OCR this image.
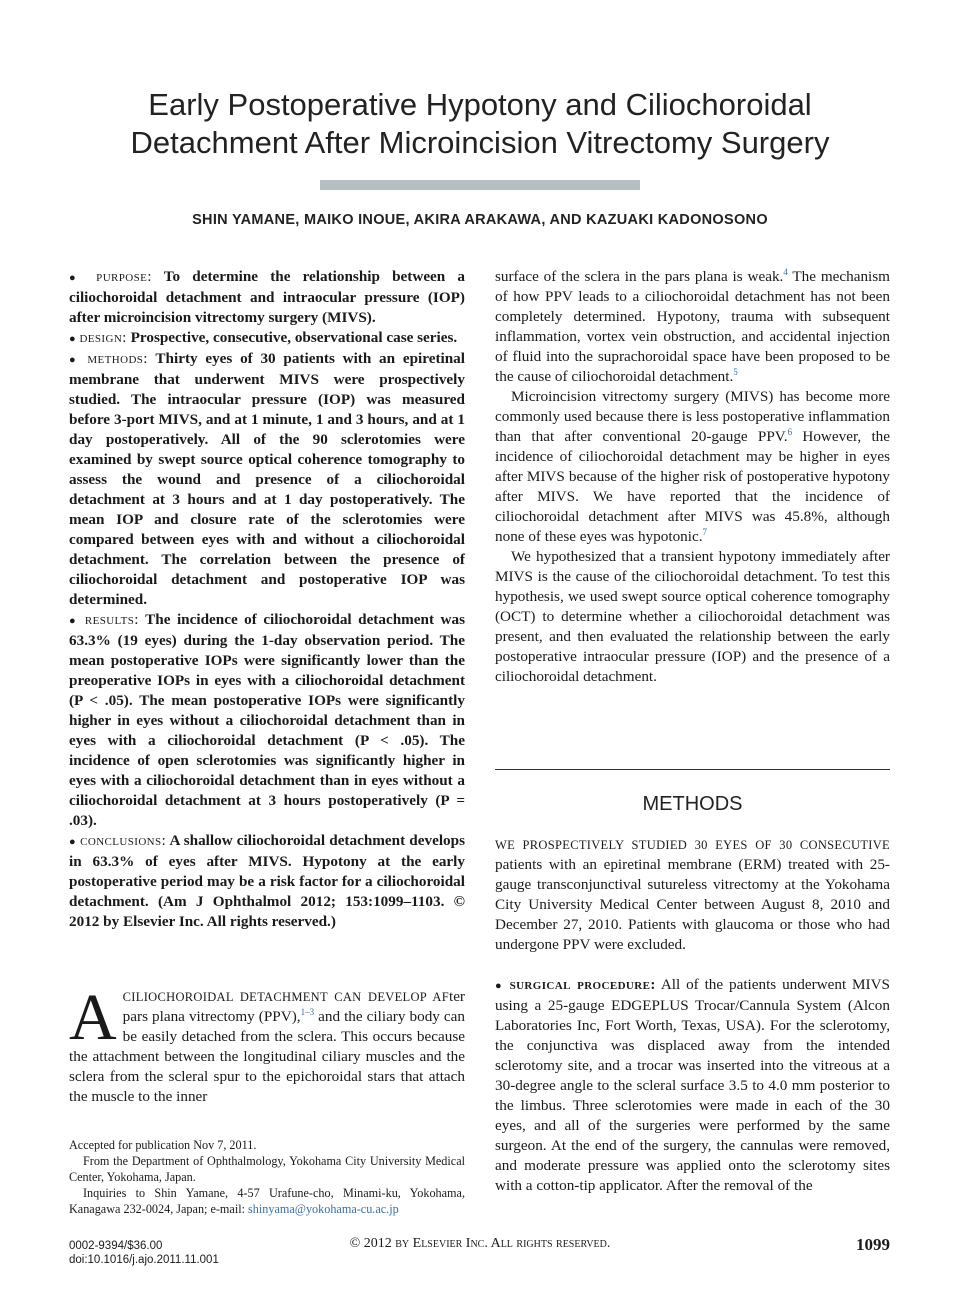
Early Postoperative Hypotony and Ciliochoroidal
Detachment After Microincision Vitrectomy Surgery
SHIN YAMANE, MAIKO INOUE, AKIRA ARAKAWA, AND KAZUAKI KADONOSONO

● purpose: To determine the relationship between a ciliochoroidal detachment and intraocular pressure (IOP) after microincision vitrectomy surgery (MIVS).

● design: Prospective, consecutive, observational case series.

● methods: Thirty eyes of 30 patients with an epiretinal membrane that underwent MIVS were prospectively studied. The intraocular pressure (IOP) was measured before 3-port MIVS, and at 1 minute, 1 and 3 hours, and at 1 day postoperatively. All of the 90 sclerotomies were examined by swept source optical coherence tomography to assess the wound and presence of a ciliochoroidal detachment at 3 hours and at 1 day postoperatively. The mean IOP and closure rate of the sclerotomies were compared between eyes with and without a ciliochoroidal detachment. The correlation between the presence of ciliochoroidal detachment and postoperative IOP was determined.

● results: The incidence of ciliochoroidal detachment was 63.3% (19 eyes) during the 1-day observation period. The mean postoperative IOPs were significantly lower than the preoperative IOPs in eyes with a ciliochoroidal detachment (P < .05). The mean postoperative IOPs were significantly higher in eyes without a ciliochoroidal detachment than in eyes with a ciliochoroidal detachment (P < .05). The incidence of open sclerotomies was significantly higher in eyes with a ciliochoroidal detachment than in eyes without a ciliochoroidal detachment at 3 hours postoperatively (P = .03).

● conclusions: A shallow ciliochoroidal detachment develops in 63.3% of eyes after MIVS. Hypotony at the early postoperative period may be a risk factor for a ciliochoroidal detachment. (Am J Ophthalmol 2012; 153:1099–1103. © 2012 by Elsevier Inc. All rights reserved.)

ACILIOCHOROIDAL DETACHMENT CAN DEVELOP AFter pars plana vitrectomy (PPV),$^{1-3}$ and the ciliary body can be easily detached from the sclera. This occurs because the attachment between the longitudinal ciliary muscles and the sclera from the scleral spur to the epichoroidal stars that attach the muscle to the inner

Accepted for publication Nov 7, 2011.

From the Department of Ophthalmology, Yokohama City University Medical Center, Yokohama, Japan.

Inquiries to Shin Yamane, 4-57 Urafune-cho, Minami-ku, Yokohama, Kanagawa 232-0024, Japan; e-mail: shinyama@yokohama-cu.ac.jp

surface of the sclera in the pars plana is weak.$^4$ The mechanism of how PPV leads to a ciliochoroidal detachment has not been completely determined. Hypotony, trauma with subsequent inflammation, vortex vein obstruction, and accidental injection of fluid into the suprachoroidal space have been proposed to be the cause of ciliochoroidal detachment.$^5$

Microincision vitrectomy surgery (MIVS) has become more commonly used because there is less postoperative inflammation than that after conventional 20-gauge PPV.$^6$ However, the incidence of ciliochoroidal detachment may be higher in eyes after MIVS because of the higher risk of postoperative hypotony after MIVS. We have reported that the incidence of ciliochoroidal detachment after MIVS was 45.8%, although none of these eyes was hypotonic.$^7$

We hypothesized that a transient hypotony immediately after MIVS is the cause of the ciliochoroidal detachment. To test this hypothesis, we used swept source optical coherence tomography (OCT) to determine whether a ciliochoroidal detachment was present, and then evaluated the relationship between the early postoperative intraocular pressure (IOP) and the presence of a ciliochoroidal detachment.

METHODS
WE PROSPECTIVELY STUDIED 30 EYES OF 30 CONSECUTIVE patients with an epiretinal membrane (ERM) treated with 25-gauge transconjunctival sutureless vitrectomy at the Yokohama City University Medical Center between August 8, 2010 and December 27, 2010. Patients with glaucoma or those who had undergone PPV were excluded.
● surgical procedure: All of the patients underwent MIVS using a 25-gauge EDGEPLUS Trocar/Cannula System (Alcon Laboratories Inc, Fort Worth, Texas, USA). For the sclerotomy, the conjunctiva was displaced away from the intended sclerotomy site, and a trocar was inserted into the vitreous at a 30-degree angle to the scleral surface 3.5 to 4.0 mm posterior to the limbus. Three sclerotomies were made in each of the 30 eyes, and all of the surgeries were performed by the same surgeon. At the end of the surgery, the cannulas were removed, and moderate pressure was applied onto the sclerotomy sites with a cotton-tip applicator. After the removal of the
0002-9394/$36.00
doi:10.1016/j.ajo.2011.11.001
© 2012 by Elsevier Inc. All rights reserved.	1099
